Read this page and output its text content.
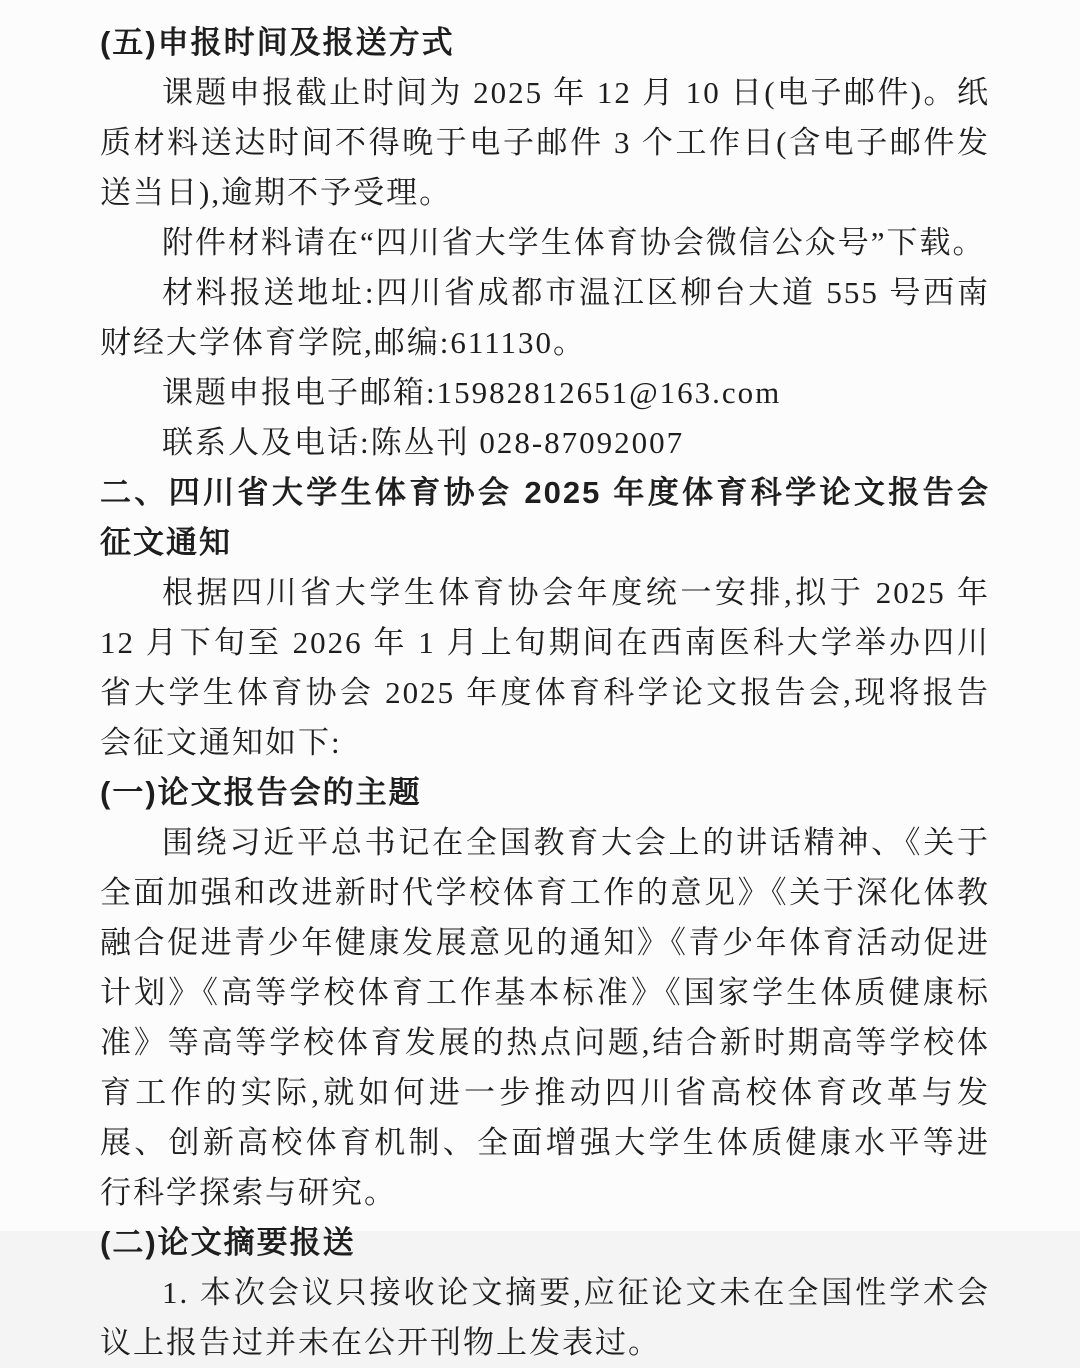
(五)申报时间及报送方式

课题申报截止时间为 2025 年 12 月 10 日(电子邮件)。纸质材料送达时间不得晚于电子邮件 3 个工作日(含电子邮件发送当日),逾期不予受理。

附件材料请在“四川省大学生体育协会微信公众号”下载。

材料报送地址:四川省成都市温江区柳台大道 555 号西南财经大学体育学院,邮编:611130。

课题申报电子邮箱:15982812651@163.com

联系人及电话:陈丛刊 028-87092007

二、四川省大学生体育协会 2025 年度体育科学论文报告会征文通知

根据四川省大学生体育协会年度统一安排,拟于 2025 年 12 月下旬至 2026 年 1 月上旬期间在西南医科大学举办四川省大学生体育协会 2025 年度体育科学论文报告会,现将报告会征文通知如下:

(一)论文报告会的主题

围绕习近平总书记在全国教育大会上的讲话精神、《关于全面加强和改进新时代学校体育工作的意见》《关于深化体教融合促进青少年健康发展意见的通知》《青少年体育活动促进计划》《高等学校体育工作基本标准》《国家学生体质健康标准》等高等学校体育发展的热点问题,结合新时期高等学校体育工作的实际,就如何进一步推动四川省高校体育改革与发展、创新高校体育机制、全面增强大学生体质健康水平等进行科学探索与研究。

(二)论文摘要报送

1. 本次会议只接收论文摘要,应征论文未在全国性学术会议上报告过并未在公开刊物上发表过。
